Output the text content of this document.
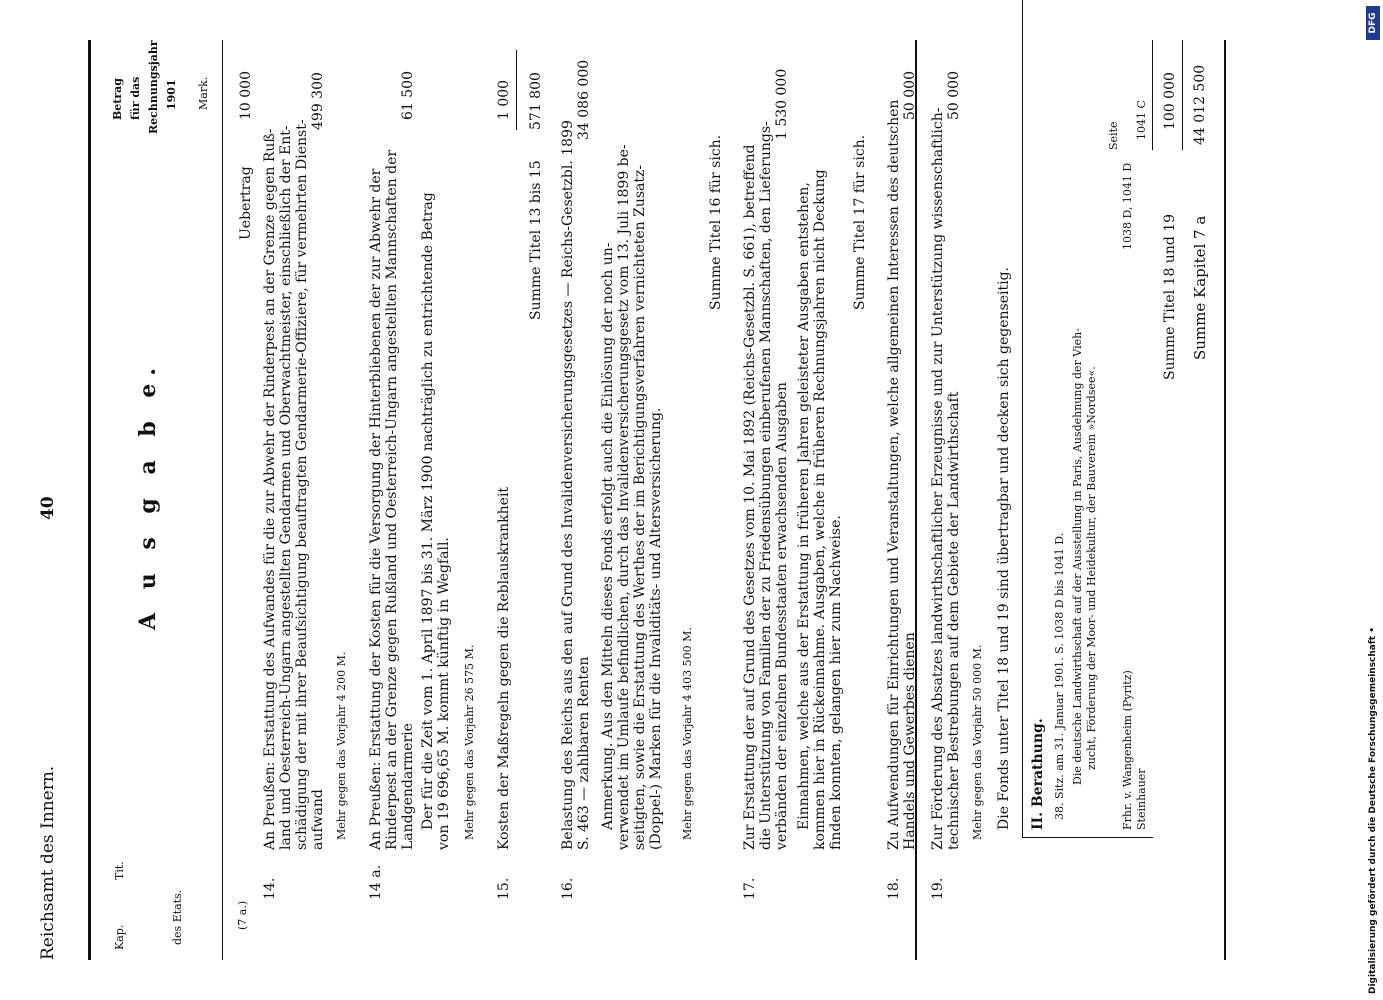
Reichsamt des Innern.
40	A u s g a b e.
Kap.
Tit.
des Etats.	(7 a.)
Betrag für das Rechnungsjahr 1901 Mark.
Uebertrag
10 000
14.
An Preußen: Erstattung des Aufwandes für die zur Abwehr der Rinderpest an der Grenze gegen Ruß- land und Oesterreich-Ungarn angestellten Gendarmen und Oberwachtmeister, einschließlich der Ent- schädigung der mit ihrer Beaufsichtigung beauftragten Gendarmerie-Offiziere, für vermehrten Dienst- aufwand Mehr gegen das Vorjahr 4 200 M.
499 300
14 a.
An Preußen: Erstattung der Kosten für die Versorgung der Hinterbliebenen der zur Abwehr der Rinderpest an der Grenze gegen Rußland und Oesterreich-Ungarn angestellten Mannschaften der Landgendarmerie Der für die Zeit vom 1. April 1897 bis 31. März 1900 nachträglich zu entrichtende Betrag von 19 696,65 M. kommt künftig in Wegfall. Mehr gegen das Vorjahr 26 575 M.
61 500
15.
Kosten der Maßregeln gegen die Reblauskrankheit
1 000
Summe Titel 13 bis 15
571 800
16.
Belastung des Reichs aus den auf Grund des Invalidenversicherungsgesetzes — Reichs-Gesetzbl. 1899 S. 463 — zahlbaren Renten Anmerkung. Aus den Mitteln dieses Fonds erfolgt auch die Einlösung der noch un- verwendet im Umlaufe befindlichen, durch das Invalidenversicherungsgesetz vom 13. Juli 1899 be- seitigten, sowie die Erstattung des Werthes der im Berichtigungsverfahren vernichteten Zusatz- (Doppel-) Marken für die Invaliditäts- und Altersversicherung. Mehr gegen das Vorjahr 4 403 500 M.
34 086 000
Summe Titel 16 für sich.
17.
Zur Erstattung der auf Grund des Gesetzes vom 10. Mai 1892 (Reichs-Gesetzbl. S. 661), betreffend die Unterstützung von Familien der zu Friedensübungen einberufenen Mannschaften, den Lieferungs- verbänden der einzelnen Bundesstaaten erwachsenden Ausgaben Einnahmen, welche aus der Erstattung in früheren Jahren geleisteter Ausgaben entstehen, kommen hier in Rückeinnahme. Ausgaben, welche in früheren Rechnungsjahren nicht Deckung finden konnten, gelangen hier zum Nachweise.
1 530 000
Summe Titel 17 für sich.
18.
Zu Aufwendungen für Einrichtungen und Veranstaltungen, welche allgemeinen Interessen des deutschen Handels und Gewerbes dienen
50 000
19.
Zur Förderung des Absatzes landwirthschaftlicher Erzeugnisse und zur Unterstützung wissenschaftlich- technischer Bestrebungen auf dem Gebiete der Landwirthschaft Mehr gegen das Vorjahr 50 000 M.
50 000
Die Fonds unter Titel 18 und 19 sind übertragbar und decken sich gegenseitig. II. Berathung. 38. Sitz. am 31. Januar 1901. S. 1038 D bis 1041 D. Die deutsche Landwirthschaft auf der Ausstellung in Paris, Ausdehnung der Vieh- zucht, Förderung der Moor- und Heidekultur, der Bauverein »Nordsee«.
Seite
Frhr. v. Wangenheim (Pyritz)
1038 D, 1041 D
Steinhauer
1041 C
Summe Titel 18 und 19
100 000
Summe Kapitel 7 a
44 012 500
Digitalisierung gefördert durch die Deutsche Forschungsgemeinschaft •
DFG
